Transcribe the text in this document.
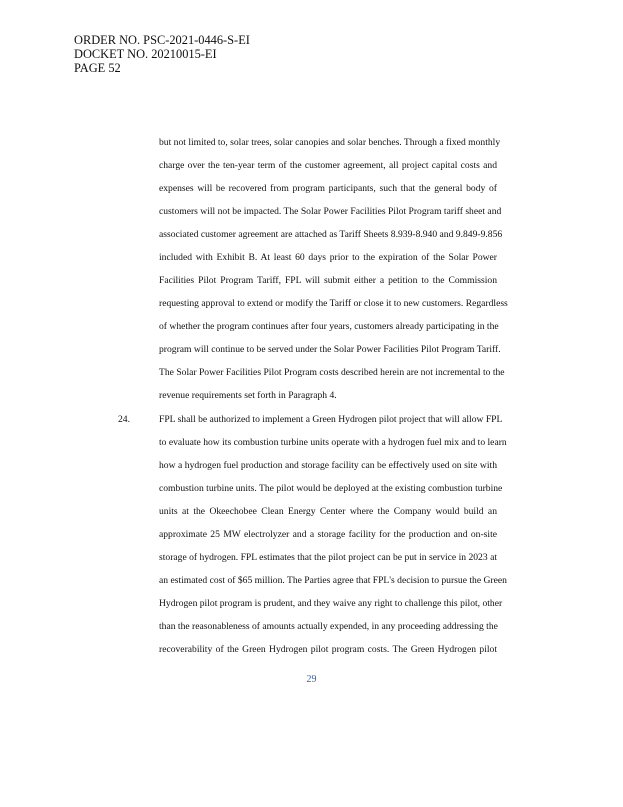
ORDER NO. PSC-2021-0446-S-EI
DOCKET NO. 20210015-EI
PAGE 52
but not limited to, solar trees, solar canopies and solar benches. Through a fixed monthly
charge over the ten-year term of the customer agreement, all project capital costs and
expenses will be recovered from program participants, such that the general body of
customers will not be impacted. The Solar Power Facilities Pilot Program tariff sheet and
associated customer agreement are attached as Tariff Sheets 8.939-8.940 and 9.849-9.856
included with Exhibit B. At least 60 days prior to the expiration of the Solar Power
Facilities Pilot Program Tariff, FPL will submit either a petition to the Commission
requesting approval to extend or modify the Tariff or close it to new customers. Regardless
of whether the program continues after four years, customers already participating in the
program will continue to be served under the Solar Power Facilities Pilot Program Tariff.
The Solar Power Facilities Pilot Program costs described herein are not incremental to the
revenue requirements set forth in Paragraph 4.
24.	FPL shall be authorized to implement a Green Hydrogen pilot project that will allow FPL
to evaluate how its combustion turbine units operate with a hydrogen fuel mix and to learn
how a hydrogen fuel production and storage facility can be effectively used on site with
combustion turbine units. The pilot would be deployed at the existing combustion turbine
units at the Okeechobee Clean Energy Center where the Company would build an
approximate 25 MW electrolyzer and a storage facility for the production and on-site
storage of hydrogen. FPL estimates that the pilot project can be put in service in 2023 at
an estimated cost of $65 million. The Parties agree that FPL's decision to pursue the Green
Hydrogen pilot program is prudent, and they waive any right to challenge this pilot, other
than the reasonableness of amounts actually expended, in any proceeding addressing the
recoverability of the Green Hydrogen pilot program costs. The Green Hydrogen pilot
29
